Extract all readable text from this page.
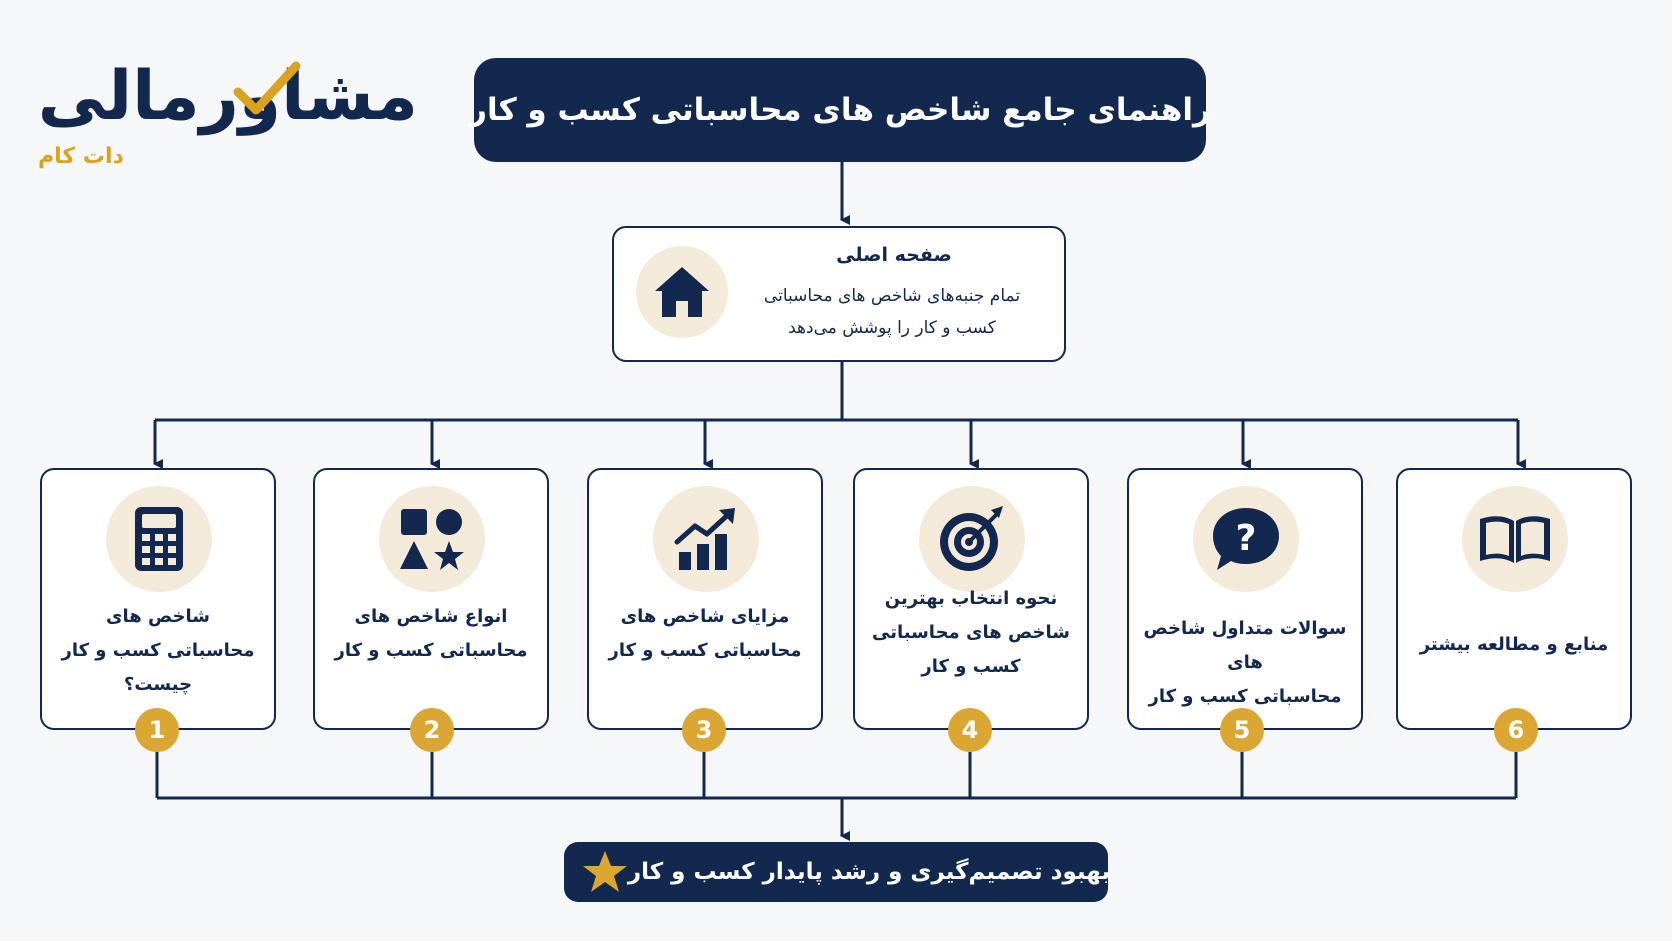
مشاورمالی
دات کام
راهنمای جامع شاخص های محاسباتی کسب و کار
صفحه اصلی
تمام جنبه‌های شاخص های محاسباتی
کسب و کار را پوشش می‌دهد
شاخص های
محاسباتی کسب و کار چیست؟
انواع شاخص های
محاسباتی کسب و کار
مزایای شاخص های
محاسباتی کسب و کار
نحوه انتخاب بهترین
شاخص های محاسباتی
کسب و کار
?
سوالات متداول شاخص های
محاسباتی کسب و کار
منابع و مطالعه بیشتر
1	2	3	4	5	6
بهبود تصمیم‌گیری و رشد پایدار کسب و کار
